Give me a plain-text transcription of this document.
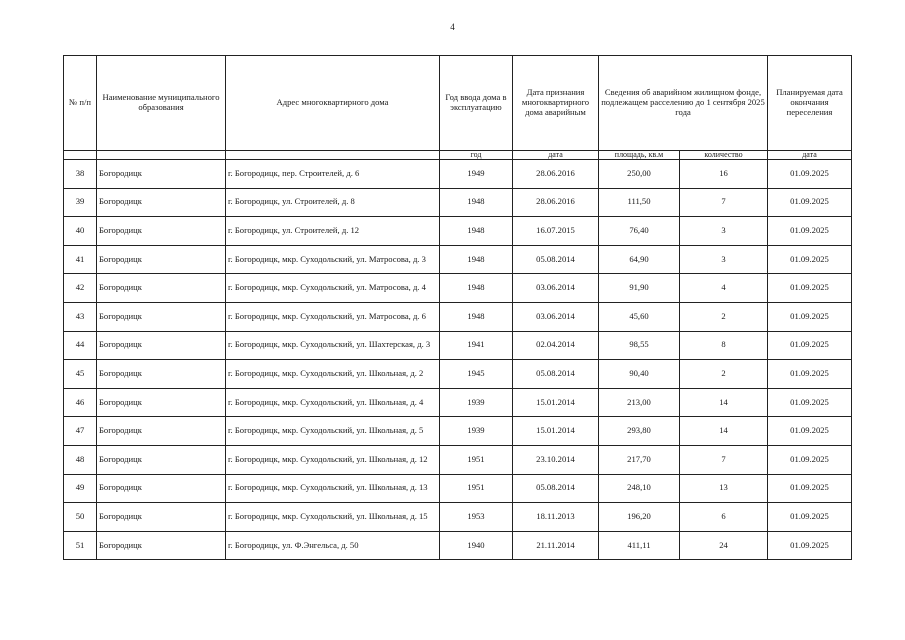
4
№ п/п	Наименование муниципального образования	Адрес многоквартирного дома	Год ввода дома в эксплуатацию	Дата признания многоквартирного дома аварийным	Сведения об аварийном жилищном фонде, подлежащем расселению до 1 сентября 2025 года		Планируемая дата окончания переселения
			год	дата	площадь, кв.м	количество	дата
38	Богородицк	г. Богородицк, пер. Строителей, д. 6	1949	28.06.2016	250,00	16	01.09.2025
39	Богородицк	г. Богородицк, ул. Строителей, д. 8	1948	28.06.2016	111,50	7	01.09.2025
40	Богородицк	г. Богородицк, ул. Строителей, д. 12	1948	16.07.2015	76,40	3	01.09.2025
41	Богородицк	г. Богородицк, мкр. Суходольский, ул. Матросова, д. 3	1948	05.08.2014	64,90	3	01.09.2025
42	Богородицк	г. Богородицк, мкр. Суходольский, ул. Матросова, д. 4	1948	03.06.2014	91,90	4	01.09.2025
43	Богородицк	г. Богородицк, мкр. Суходольский, ул. Матросова, д. 6	1948	03.06.2014	45,60	2	01.09.2025
44	Богородицк	г. Богородицк, мкр. Суходольский, ул. Шахтерская, д. 3	1941	02.04.2014	98,55	8	01.09.2025
45	Богородицк	г. Богородицк, мкр. Суходольский, ул. Школьная, д. 2	1945	05.08.2014	90,40	2	01.09.2025
46	Богородицк	г. Богородицк, мкр. Суходольский, ул. Школьная, д. 4	1939	15.01.2014	213,00	14	01.09.2025
47	Богородицк	г. Богородицк, мкр. Суходольский, ул. Школьная, д. 5	1939	15.01.2014	293,80	14	01.09.2025
48	Богородицк	г. Богородицк, мкр. Суходольский, ул. Школьная, д. 12	1951	23.10.2014	217,70	7	01.09.2025
49	Богородицк	г. Богородицк, мкр. Суходольский, ул. Школьная, д. 13	1951	05.08.2014	248,10	13	01.09.2025
50	Богородицк	г. Богородицк, мкр. Суходольский, ул. Школьная, д. 15	1953	18.11.2013	196,20	6	01.09.2025
51	Богородицк	г. Богородицк, ул. Ф.Энгельса, д. 50	1940	21.11.2014	411,11	24	01.09.2025
